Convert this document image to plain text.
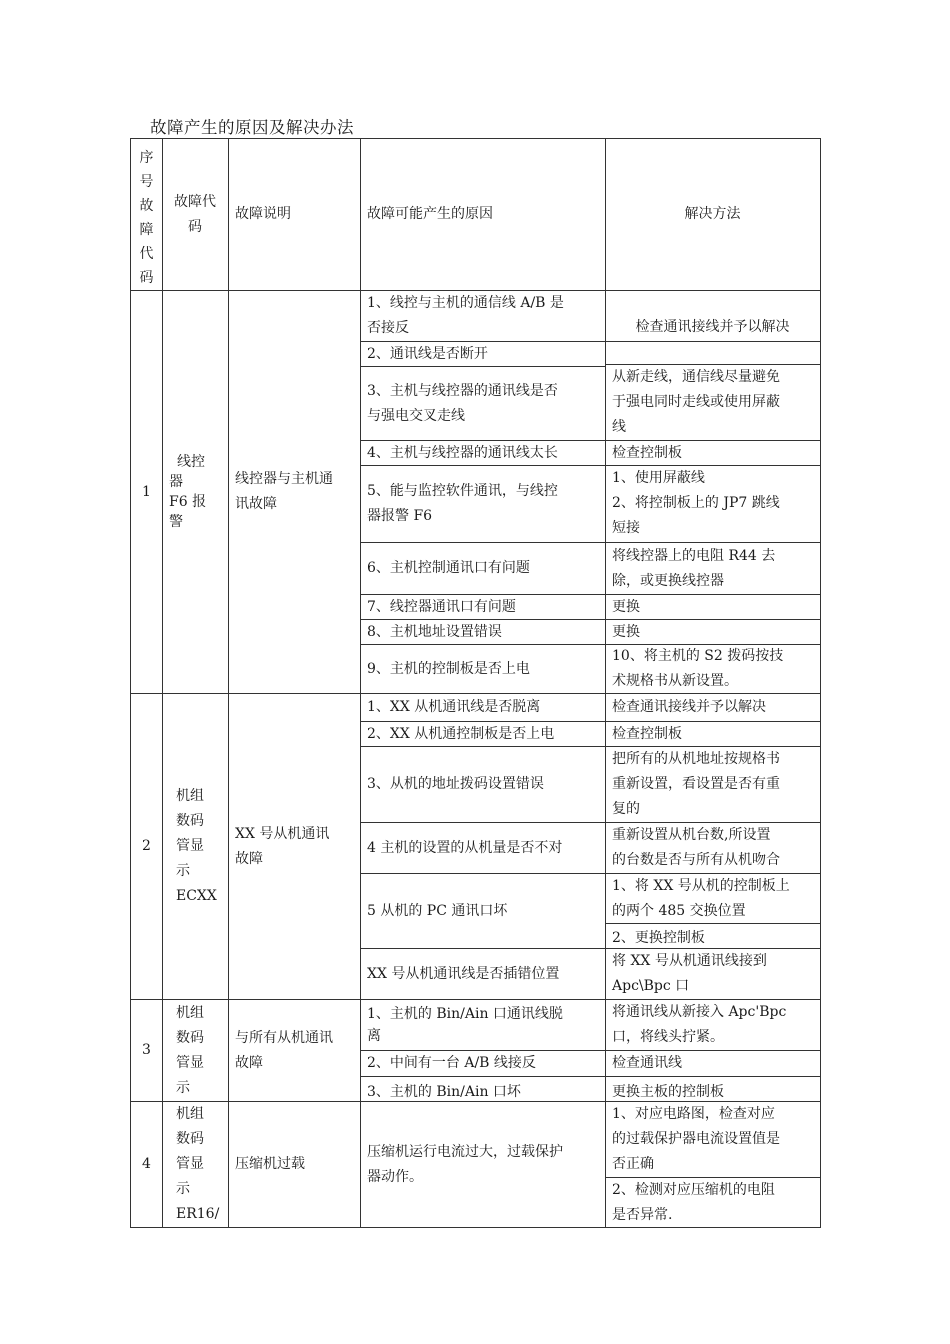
故障产生的原因及解决办法
序
号
故
障
代
码
故障代
码
故障说明	故障可能产生的原因	解决方法
1
线控
器
F6 报
警
线控器与主机通
讯故障
1、线控与主机的通信线 A/B 是
否接反
2、通讯线是否断开
3、主机与线控器的通讯线是否
与强电交叉走线
4、主机与线控器的通讯线太长
5、能与监控软件通讯，与线控
器报警 F6
6、主机控制通讯口有问题
7、线控器通讯口有问题
8、主机地址设置错误
9、主机的控制板是否上电
检查通讯接线并予以解决
从新走线，通信线尽量避免
于强电同时走线或使用屏蔽
线
检查控制板
1、使用屏蔽线
2、将控制板上的 JP7 跳线
短接
将线控器上的电阻 R44 去
除，或更换线控器
更换
更换
10、将主机的 S2 拨码按技
术规格书从新设置。
2
机组
数码
管显
示
ECXX
XX 号从机通讯
故障
1、XX 从机通讯线是否脱离
2、XX 从机通控制板是否上电
3、从机的地址拨码设置错误
4 主机的设置的从机量是否不对
5 从机的 PC 通讯口坏
XX 号从机通讯线是否插错位置
检查通讯接线并予以解决
检查控制板
把所有的从机地址按规格书
重新设置，看设置是否有重
复的
重新设置从机台数,所设置
的台数是否与所有从机吻合
1、将 XX 号从机的控制板上
的两个 485 交换位置
2、更换控制板
将 XX 号从机通讯线接到
Apc\Bpc 口
3
机组
数码
管显
示
与所有从机通讯
故障
1、主机的 Bin/Ain 口通讯线脱
离
2、中间有一台 A/B 线接反
3、主机的 Bin/Ain 口坏
将通讯线从新接入 Apc'Bpc
口，将线头拧紧。
检查通讯线
更换主板的控制板
4
机组
数码
管显
示
ER16/
压缩机过载
压缩机运行电流过大，过载保护
器动作。
1、对应电路图，检查对应
的过载保护器电流设置值是
否正确
2、检测对应压缩机的电阻
是否异常.
